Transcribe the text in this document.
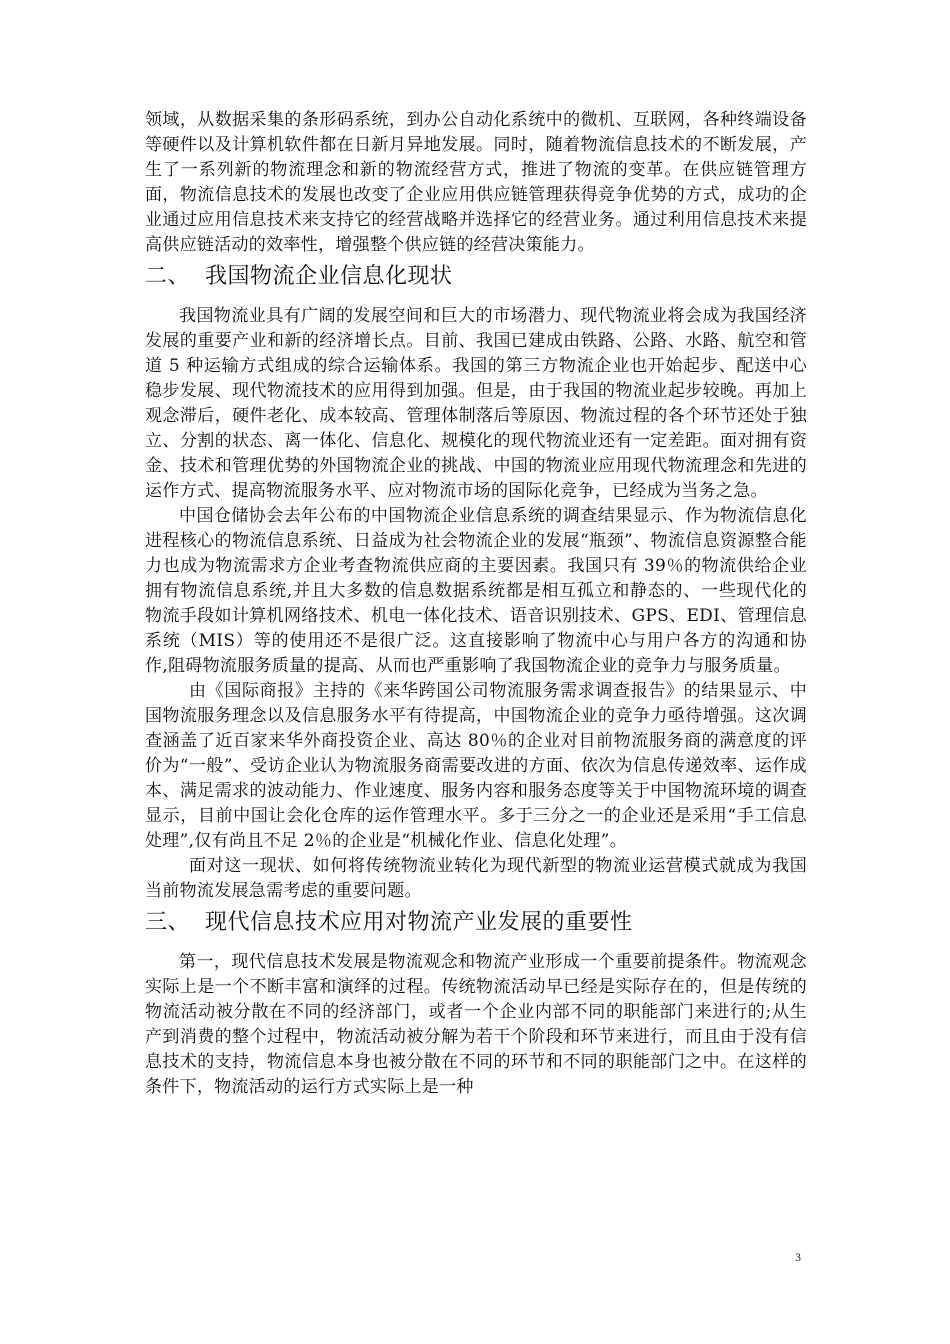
领域，从数据采集的条形码系统，到办公自动化系统中的微机、互联网，各种终端设备等硬件以及计算机软件都在日新月异地发展。同时，随着物流信息技术的不断发展，产生了一系列新的物流理念和新的物流经营方式，推进了物流的变革。在供应链管理方面，物流信息技术的发展也改变了企业应用供应链管理获得竞争优势的方式，成功的企业通过应用信息技术来支持它的经营战略并选择它的经营业务。通过利用信息技术来提高供应链活动的效率性，增强整个供应链的经营决策能力。

二、 我国物流企业信息化现状

我国物流业具有广阔的发展空间和巨大的市场潜力、现代物流业将会成为我国经济发展的重要产业和新的经济增长点。目前、我国已建成由铁路、公路、水路、航空和管道 5 种运输方式组成的综合运输体系。我国的第三方物流企业也开始起步、配送中心稳步发展、现代物流技术的应用得到加强。但是，由于我国的物流业起步较晚。再加上观念滞后，硬件老化、成本较高、管理体制落后等原因、物流过程的各个环节还处于独立、分割的状态、离一体化、信息化、规模化的现代物流业还有一定差距。面对拥有资金、技术和管理优势的外国物流企业的挑战、中国的物流业应用现代物流理念和先进的运作方式、提高物流服务水平、应对物流市场的国际化竞争，已经成为当务之急。

中国仓储协会去年公布的中国物流企业信息系统的调查结果显示、作为物流信息化进程核心的物流信息系统、日益成为社会物流企业的发展“瓶颈”、物流信息资源整合能力也成为物流需求方企业考查物流供应商的主要因素。我国只有 39％的物流供给企业拥有物流信息系统,并且大多数的信息数据系统都是相互孤立和静态的、一些现代化的物流手段如计算机网络技术、机电一体化技术、语音识别技术、GPS、EDI、管理信息系统（MIS）等的使用还不是很广泛。这直接影响了物流中心与用户各方的沟通和协作,阻碍物流服务质量的提高、从而也严重影响了我国物流企业的竞争力与服务质量。

由《国际商报》主持的《来华跨国公司物流服务需求调查报告》的结果显示、中国物流服务理念以及信息服务水平有待提高，中国物流企业的竞争力亟待增强。这次调查涵盖了近百家来华外商投资企业、高达 80％的企业对目前物流服务商的满意度的评价为“一般”、受访企业认为物流服务商需要改进的方面、依次为信息传递效率、运作成本、满足需求的波动能力、作业速度、服务内容和服务态度等关于中国物流环境的调查显示，目前中国让会化仓库的运作管理水平。多于三分之一的企业还是采用“手工信息处理”,仅有尚且不足 2％的企业是“机械化作业、信息化处理”。

面对这一现状、如何将传统物流业转化为现代新型的物流业运营模式就成为我国当前物流发展急需考虑的重要问题。

三、 现代信息技术应用对物流产业发展的重要性

第一，现代信息技术发展是物流观念和物流产业形成一个重要前提条件。物流观念实际上是一个不断丰富和演绎的过程。传统物流活动早已经是实际存在的，但是传统的物流活动被分散在不同的经济部门，或者一个企业内部不同的职能部门来进行的;从生产到消费的整个过程中，物流活动被分解为若干个阶段和环节来进行，而且由于没有信息技术的支持，物流信息本身也被分散在不同的环节和不同的职能部门之中。在这样的条件下，物流活动的运行方式实际上是一种

3
